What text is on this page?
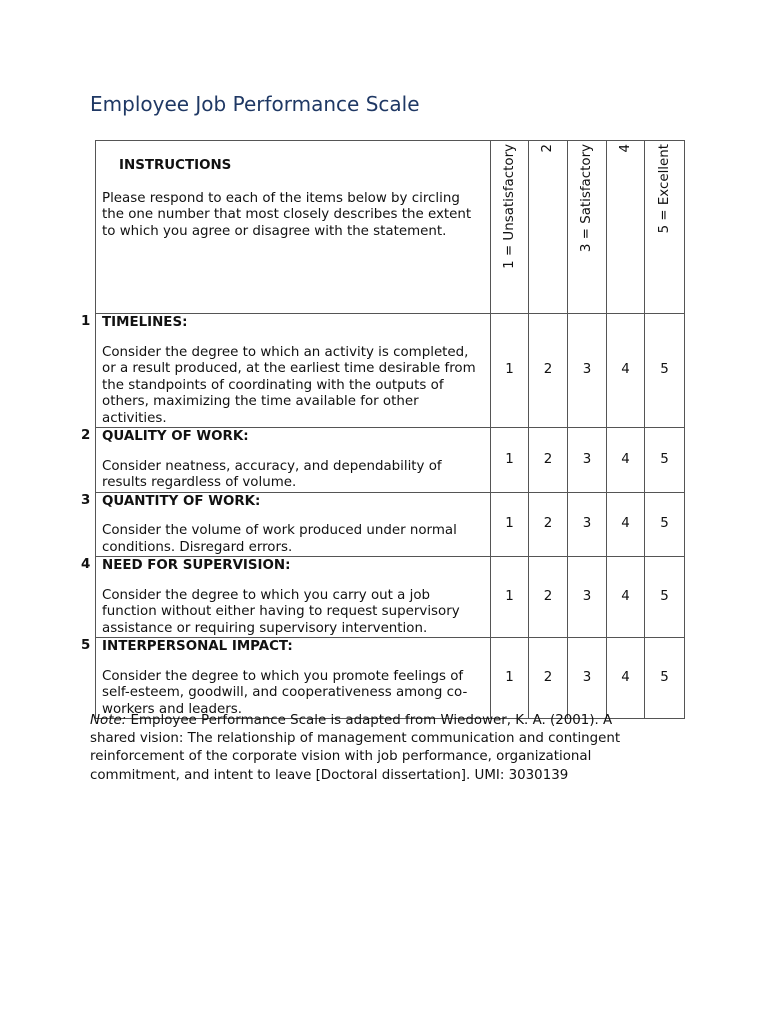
Employee Job Performance Scale
INSTRUCTIONS
Please respond to each of the items below by circling the one number that most closely describes the extent to which you agree or disagree with the statement.	1 = Unsatisfactory	2	3 = Satisfactory	4	5 = Excellent

1 TIMELINES:
Consider the degree to which an activity is completed, or a result produced, at the earliest time desirable from the standpoints of coordinating with the outputs of others, maximizing the time available for other activities.	1	2	3	4	5

2 QUALITY OF WORK:
Consider neatness, accuracy, and dependability of results regardless of volume.	1	2	3	4	5

3 QUANTITY OF WORK:
Consider the volume of work produced under normal conditions. Disregard errors.	1	2	3	4	5

4 NEED FOR SUPERVISION:
Consider the degree to which you carry out a job function without either having to request supervisory assistance or requiring supervisory intervention.	1	2	3	4	5

5 INTERPERSONAL IMPACT:
Consider the degree to which you promote feelings of self-esteem, goodwill, and cooperativeness among co-workers and leaders.	1	2	3	4	5
Note: Employee Performance Scale is adapted from Wiedower, K. A. (2001). A shared vision: The relationship of management communication and contingent reinforcement of the corporate vision with job performance, organizational commitment, and intent to leave [Doctoral dissertation]. UMI: 3030139
